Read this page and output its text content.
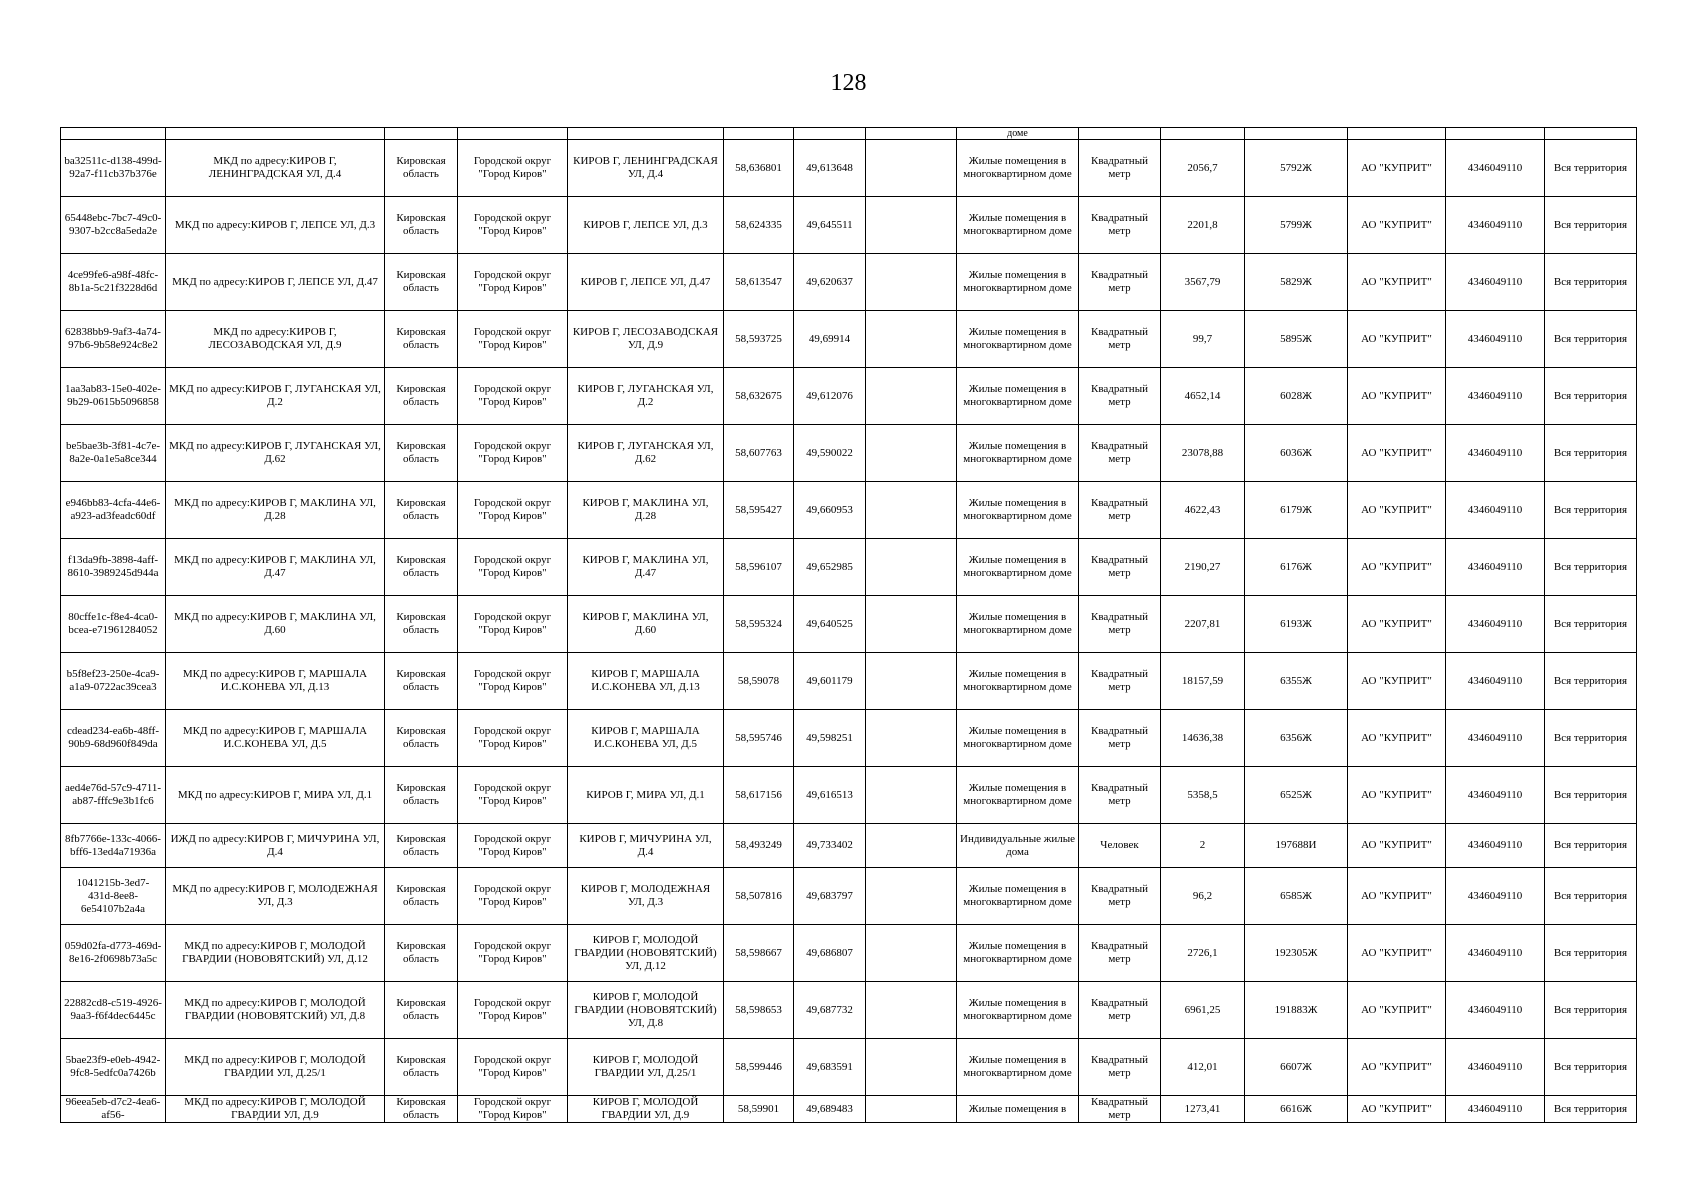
128
								доме						
ba32511c-d138-499d-92a7-f11cb37b376e	МКД по адресу:КИРОВ Г, ЛЕНИНГРАДСКАЯ УЛ, Д.4	Кировская область	Городской округ "Город Киров"	КИРОВ Г, ЛЕНИНГРАДСКАЯ УЛ, Д.4	58,636801	49,613648		Жилые помещения в многоквартирном доме	Квадратный метр	2056,7	5792Ж	АО "КУПРИТ"	4346049110	Вся территория
65448ebc-7bc7-49c0-9307-b2cc8a5eda2e	МКД по адресу:КИРОВ Г, ЛЕПСЕ УЛ, Д.3	Кировская область	Городской округ "Город Киров"	КИРОВ Г, ЛЕПСЕ УЛ, Д.3	58,624335	49,645511		Жилые помещения в многоквартирном доме	Квадратный метр	2201,8	5799Ж	АО "КУПРИТ"	4346049110	Вся территория
4ce99fe6-a98f-48fc-8b1a-5c21f3228d6d	МКД по адресу:КИРОВ Г, ЛЕПСЕ УЛ, Д.47	Кировская область	Городской округ "Город Киров"	КИРОВ Г, ЛЕПСЕ УЛ, Д.47	58,613547	49,620637		Жилые помещения в многоквартирном доме	Квадратный метр	3567,79	5829Ж	АО "КУПРИТ"	4346049110	Вся территория
62838bb9-9af3-4a74-97b6-9b58e924c8e2	МКД по адресу:КИРОВ Г, ЛЕСОЗАВОДСКАЯ УЛ, Д.9	Кировская область	Городской округ "Город Киров"	КИРОВ Г, ЛЕСОЗАВОДСКАЯ УЛ, Д.9	58,593725	49,69914		Жилые помещения в многоквартирном доме	Квадратный метр	99,7	5895Ж	АО "КУПРИТ"	4346049110	Вся территория
1aa3ab83-15e0-402e-9b29-0615b5096858	МКД по адресу:КИРОВ Г, ЛУГАНСКАЯ УЛ, Д.2	Кировская область	Городской округ "Город Киров"	КИРОВ Г, ЛУГАНСКАЯ УЛ, Д.2	58,632675	49,612076		Жилые помещения в многоквартирном доме	Квадратный метр	4652,14	6028Ж	АО "КУПРИТ"	4346049110	Вся территория
be5bae3b-3f81-4c7e-8a2e-0a1e5a8ce344	МКД по адресу:КИРОВ Г, ЛУГАНСКАЯ УЛ, Д.62	Кировская область	Городской округ "Город Киров"	КИРОВ Г, ЛУГАНСКАЯ УЛ, Д.62	58,607763	49,590022		Жилые помещения в многоквартирном доме	Квадратный метр	23078,88	6036Ж	АО "КУПРИТ"	4346049110	Вся территория
e946bb83-4cfa-44e6-a923-ad3feadc60df	МКД по адресу:КИРОВ Г, МАКЛИНА УЛ, Д.28	Кировская область	Городской округ "Город Киров"	КИРОВ Г, МАКЛИНА УЛ, Д.28	58,595427	49,660953		Жилые помещения в многоквартирном доме	Квадратный метр	4622,43	6179Ж	АО "КУПРИТ"	4346049110	Вся территория
f13da9fb-3898-4aff-8610-3989245d944a	МКД по адресу:КИРОВ Г, МАКЛИНА УЛ, Д.47	Кировская область	Городской округ "Город Киров"	КИРОВ Г, МАКЛИНА УЛ, Д.47	58,596107	49,652985		Жилые помещения в многоквартирном доме	Квадратный метр	2190,27	6176Ж	АО "КУПРИТ"	4346049110	Вся территория
80cffe1c-f8e4-4ca0-bcea-e71961284052	МКД по адресу:КИРОВ Г, МАКЛИНА УЛ, Д.60	Кировская область	Городской округ "Город Киров"	КИРОВ Г, МАКЛИНА УЛ, Д.60	58,595324	49,640525		Жилые помещения в многоквартирном доме	Квадратный метр	2207,81	6193Ж	АО "КУПРИТ"	4346049110	Вся территория
b5f8ef23-250e-4ca9-a1a9-0722ac39cea3	МКД по адресу:КИРОВ Г, МАРШАЛА И.С.КОНЕВА УЛ, Д.13	Кировская область	Городской округ "Город Киров"	КИРОВ Г, МАРШАЛА И.С.КОНЕВА УЛ, Д.13	58,59078	49,601179		Жилые помещения в многоквартирном доме	Квадратный метр	18157,59	6355Ж	АО "КУПРИТ"	4346049110	Вся территория
cdead234-ea6b-48ff-90b9-68d960f849da	МКД по адресу:КИРОВ Г, МАРШАЛА И.С.КОНЕВА УЛ, Д.5	Кировская область	Городской округ "Город Киров"	КИРОВ Г, МАРШАЛА И.С.КОНЕВА УЛ, Д.5	58,595746	49,598251		Жилые помещения в многоквартирном доме	Квадратный метр	14636,38	6356Ж	АО "КУПРИТ"	4346049110	Вся территория
aed4e76d-57c9-4711-ab87-fffc9e3b1fc6	МКД по адресу:КИРОВ Г, МИРА УЛ, Д.1	Кировская область	Городской округ "Город Киров"	КИРОВ Г, МИРА УЛ, Д.1	58,617156	49,616513		Жилые помещения в многоквартирном доме	Квадратный метр	5358,5	6525Ж	АО "КУПРИТ"	4346049110	Вся территория
8fb7766e-133c-4066-bff6-13ed4a71936a	ИЖД по адресу:КИРОВ Г, МИЧУРИНА УЛ, Д.4	Кировская область	Городской округ "Город Киров"	КИРОВ Г, МИЧУРИНА УЛ, Д.4	58,493249	49,733402		Индивидуальные жилые дома	Человек	2	197688И	АО "КУПРИТ"	4346049110	Вся территория
1041215b-3ed7-431d-8ee8-6e54107b2a4a	МКД по адресу:КИРОВ Г, МОЛОДЕЖНАЯ УЛ, Д.3	Кировская область	Городской округ "Город Киров"	КИРОВ Г, МОЛОДЕЖНАЯ УЛ, Д.3	58,507816	49,683797		Жилые помещения в многоквартирном доме	Квадратный метр	96,2	6585Ж	АО "КУПРИТ"	4346049110	Вся территория
059d02fa-d773-469d-8e16-2f0698b73a5c	МКД по адресу:КИРОВ Г, МОЛОДОЙ ГВАРДИИ (НОВОВЯТСКИЙ) УЛ, Д.12	Кировская область	Городской округ "Город Киров"	КИРОВ Г, МОЛОДОЙ ГВАРДИИ (НОВОВЯТСКИЙ) УЛ, Д.12	58,598667	49,686807		Жилые помещения в многоквартирном доме	Квадратный метр	2726,1	192305Ж	АО "КУПРИТ"	4346049110	Вся территория
22882cd8-c519-4926-9aa3-f6f4dec6445c	МКД по адресу:КИРОВ Г, МОЛОДОЙ ГВАРДИИ (НОВОВЯТСКИЙ) УЛ, Д.8	Кировская область	Городской округ "Город Киров"	КИРОВ Г, МОЛОДОЙ ГВАРДИИ (НОВОВЯТСКИЙ) УЛ, Д.8	58,598653	49,687732		Жилые помещения в многоквартирном доме	Квадратный метр	6961,25	191883Ж	АО "КУПРИТ"	4346049110	Вся территория
5bae23f9-e0eb-4942-9fc8-5edfc0a7426b	МКД по адресу:КИРОВ Г, МОЛОДОЙ ГВАРДИИ УЛ, Д.25/1	Кировская область	Городской округ "Город Киров"	КИРОВ Г, МОЛОДОЙ ГВАРДИИ УЛ, Д.25/1	58,599446	49,683591		Жилые помещения в многоквартирном доме	Квадратный метр	412,01	6607Ж	АО "КУПРИТ"	4346049110	Вся территория
96eea5eb-d7c2-4ea6-af56-	МКД по адресу:КИРОВ Г, МОЛОДОЙ ГВАРДИИ УЛ, Д.9	Кировская область	Городской округ "Город Киров"	КИРОВ Г, МОЛОДОЙ ГВАРДИИ УЛ, Д.9	58,59901	49,689483		Жилые помещения в	Квадратный метр	1273,41	6616Ж	АО "КУПРИТ"	4346049110	Вся территория
